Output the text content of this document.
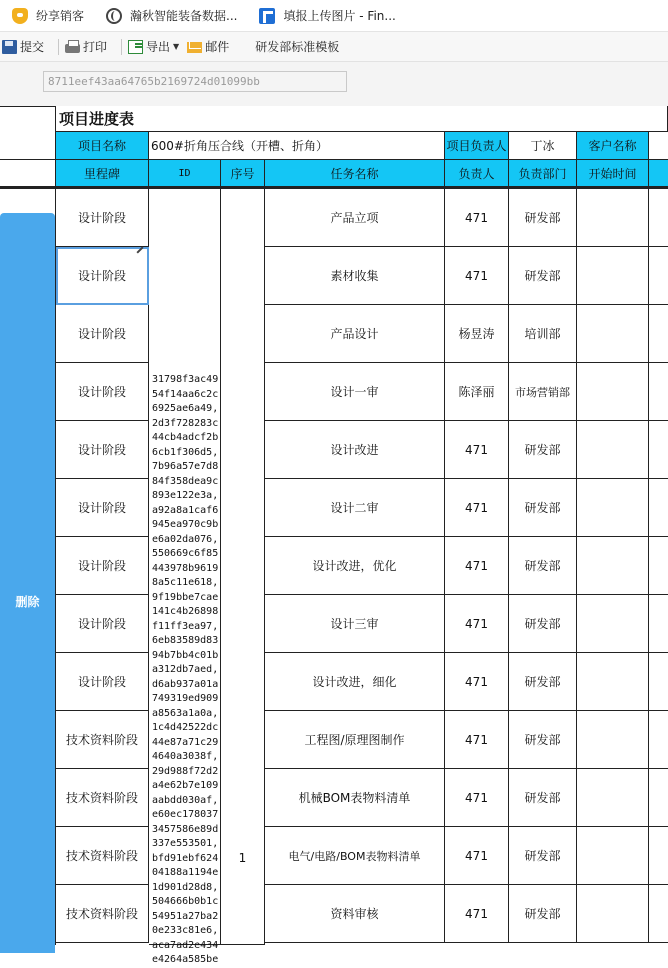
纷享销客	瀚秋智能装备数据...	填报上传图片 - Fin...
提交	打印	导出 ▼ 邮件 研发部标准模板
8711eef43aa64765b2169724d01099bb
删除
项目进度表
项目名称	600#折角压合线（开槽、折角）	项目负责人	丁冰	客户名称
里程碑	ID	序号	任务名称	负责人	负责部门	开始时间
31798f3ac4954f14aa6c2c6925ae6a49,2d3f728283c44cb4adcf2b6cb1f306d5,7b96a57e7d884f358dea9c893e122e3a,a92a8a1caf6945ea970c9be6a02da076,550669c6f85443978b96198a5c11e618,9f19bbe7cae141c4b26898f11ff3ea97,6eb83589d8394b7bb4c01ba312db7aed,d6ab937a01a749319ed909a8563a1a0a,1c4d42522dc44e87a71c294640a3038f,29d988f72d2a4e62b7e109aabdd030af,e60ec1780373457586e89d337e553501,bfd91ebf62404188a1194e1d901d28d8,504666b0b1c54951a27ba20e233c81e6,aca7ad2e434e4264a585be
1
设计阶段	产品立项	471	研发部
设计阶段	素材收集	471	研发部
设计阶段	产品设计	杨昱涛	培训部
设计阶段	设计一审	陈泽丽	市场营销部
设计阶段	设计改进	471	研发部
设计阶段	设计二审	471	研发部
设计阶段	设计改进，优化	471	研发部
设计阶段	设计三审	471	研发部
设计阶段	设计改进，细化	471	研发部
技术资料阶段	工程图/原理图制作	471	研发部
技术资料阶段	机械BOM表物料清单	471	研发部
技术资料阶段	电气/电路/BOM表物料清单	471	研发部
技术资料阶段	资料审核	471	研发部
